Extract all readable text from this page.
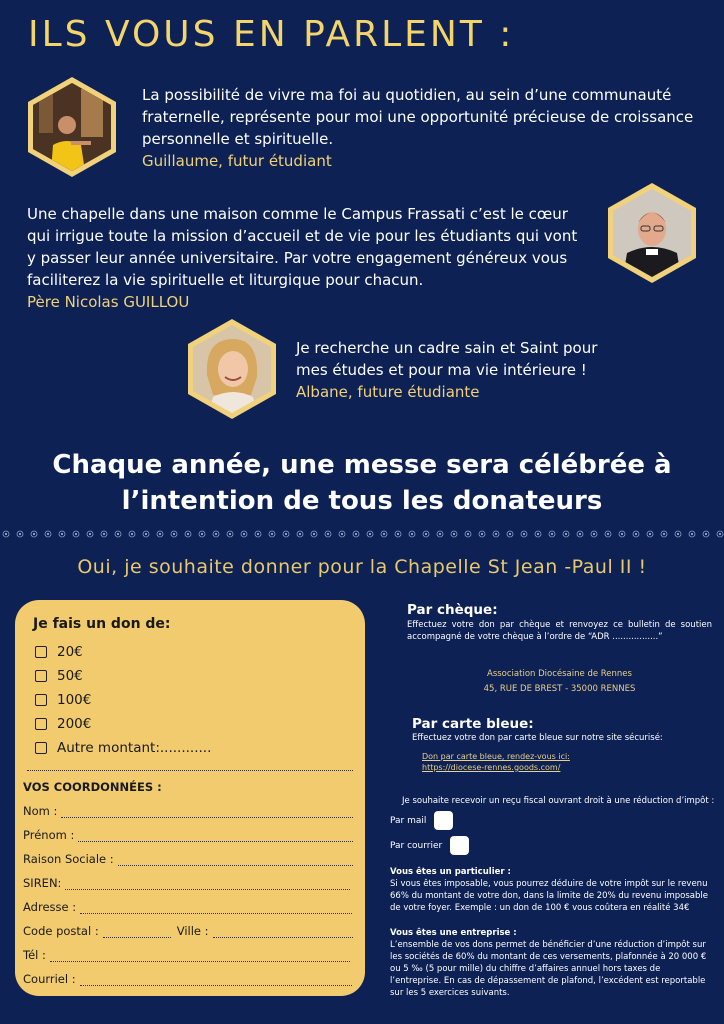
ILS VOUS EN PARLENT :
La possibilité de vivre ma foi au quotidien, au sein d’une communauté fraternelle, représente pour moi une opportunité précieuse de croissance personnelle et spirituelle.
Guillaume, futur étudiant
Une chapelle dans une maison comme le Campus Frassati c’est le cœur qui irrigue toute la mission d’accueil et de vie pour les étudiants qui vont y passer leur année universitaire. Par votre engagement généreux vous faciliterez la vie spirituelle et liturgique pour chacun.
Père Nicolas GUILLOU
Je recherche un cadre sain et Saint pour mes études et pour ma vie intérieure !
Albane, future étudiante
Chaque année, une messe sera célébrée à
l’intention de tous les donateurs
Oui, je souhaite donner pour la Chapelle St Jean -Paul II !
Je fais un don de:
20€
50€
100€
200€
Autre montant:............
VOS COORDONNÉES :
Nom :
Prénom :
Raison Sociale :
SIREN:
Adresse :
Code postal :	Ville :
Tél :
Courriel :
Par chèque:
Effectuez votre don par chèque et renvoyez ce bulletin de soutien accompagné de votre chèque à l’ordre de “ADR .................”
Association Diocésaine de Rennes
45, RUE DE BREST - 35000 RENNES
Par carte bleue:
Effectuez votre don par carte bleue sur notre site sécurisé:
Don par carte bleue, rendez-vous ici:
https://diocese-rennes.goods.com/
Je souhaite recevoir un reçu fiscal ouvrant droit à une réduction d’impôt :
Par mail
Par courrier
Vous êtes un particulier :
Si vous êtes imposable, vous pourrez déduire de votre impôt sur le revenu 66% du montant de votre don, dans la limite de 20% du revenu imposable de votre foyer. Exemple : un don de 100 € vous coûtera en réalité 34€
Vous êtes une entreprise :
L’ensemble de vos dons permet de bénéficier d’une réduction d’impôt sur les sociétés de 60% du montant de ces versements, plafonnée à 20 000 € ou 5 ‰ (5 pour mille) du chiffre d’affaires annuel hors taxes de l’entreprise. En cas de dépassement de plafond, l’excédent est reportable sur les 5 exercices suivants.
